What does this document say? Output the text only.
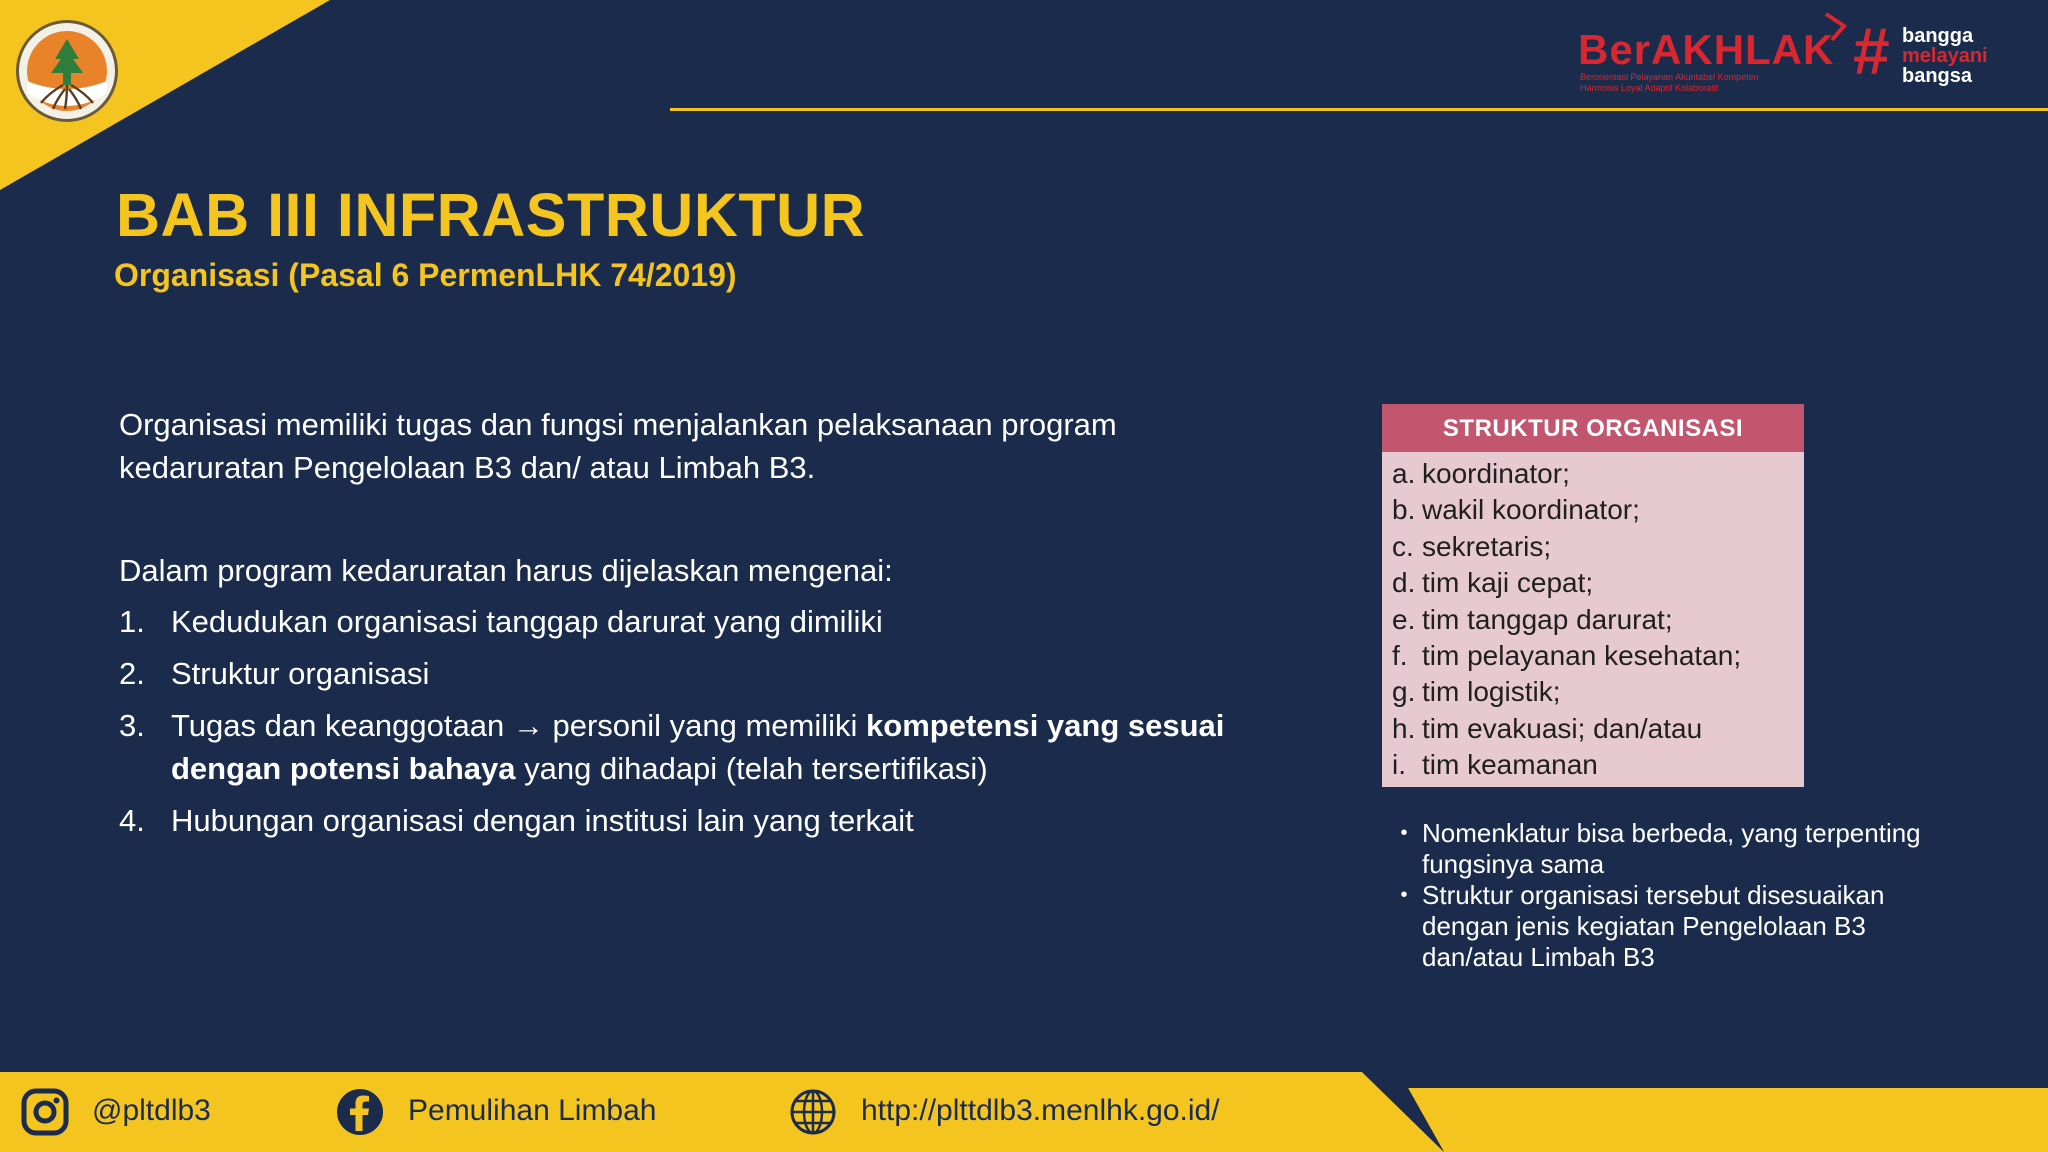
BerAKHLAK
Berorientasi Pelayanan Akuntabel Kompeten
Harmonis Loyal Adaptif Kolaboratif	# bangga
melayani
bangsa
BAB III INFRASTRUKTUR
Organisasi (Pasal 6 PermenLHK 74/2019)

Organisasi memiliki tugas dan fungsi menjalankan pelaksanaan program kedaruratan Pengelolaan B3 dan/ atau Limbah B3.

Dalam program kedaruratan harus dijelaskan mengenai:

1. Kedudukan organisasi tanggap darurat yang dimiliki
2. Struktur organisasi
3. Tugas dan keanggotaan → personil yang memiliki kompetensi yang sesuai dengan potensi bahaya yang dihadapi (telah tersertifikasi)
4. Hubungan organisasi dengan institusi lain yang terkait
STRUKTUR ORGANISASI
a. koordinator;
b. wakil koordinator;
c. sekretaris;
d. tim kaji cepat;
e. tim tanggap darurat;
f. tim pelayanan kesehatan;
g. tim logistik;
h. tim evakuasi; dan/atau
i. tim keamanan
• Nomenklatur bisa berbeda, yang terpenting fungsinya sama
• Struktur organisasi tersebut disesuaikan dengan jenis kegiatan Pengelolaan B3 dan/atau Limbah B3
@pltdlb3	Pemulihan Limbah	http://plttdlb3.menlhk.go.id/
